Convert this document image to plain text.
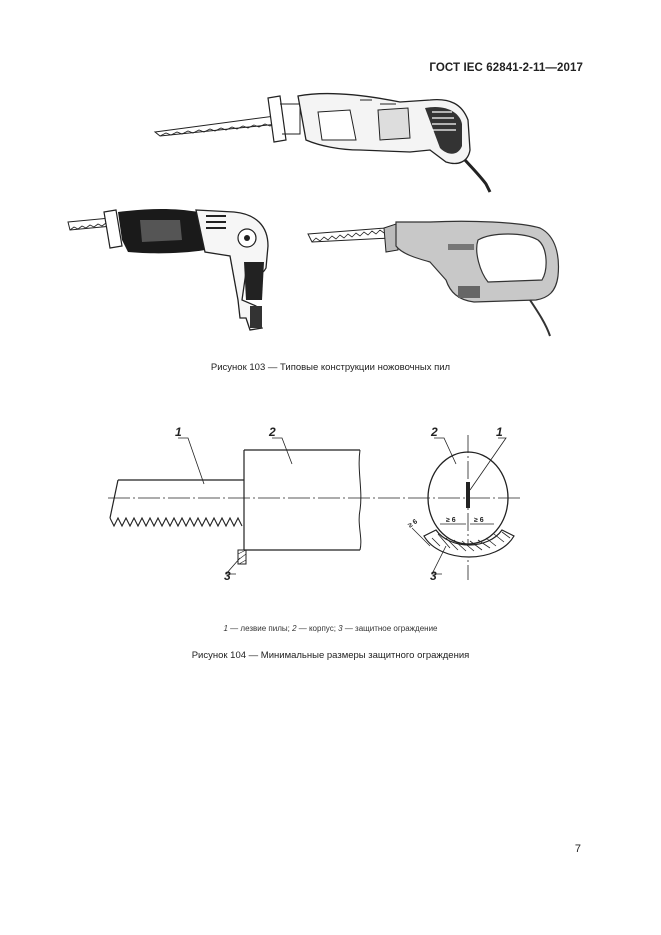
ГОСТ IEC 62841-2-11—2017
Рисунок 103 — Типовые конструкции ножовочных пил
1	2
3
2	1
3
≥ 6	≥ 6
≥ 6
1 — лезвие пилы; 2 — корпус; 3 — защитное ограждение
Рисунок 104 — Минимальные размеры защитного ограждения
7
